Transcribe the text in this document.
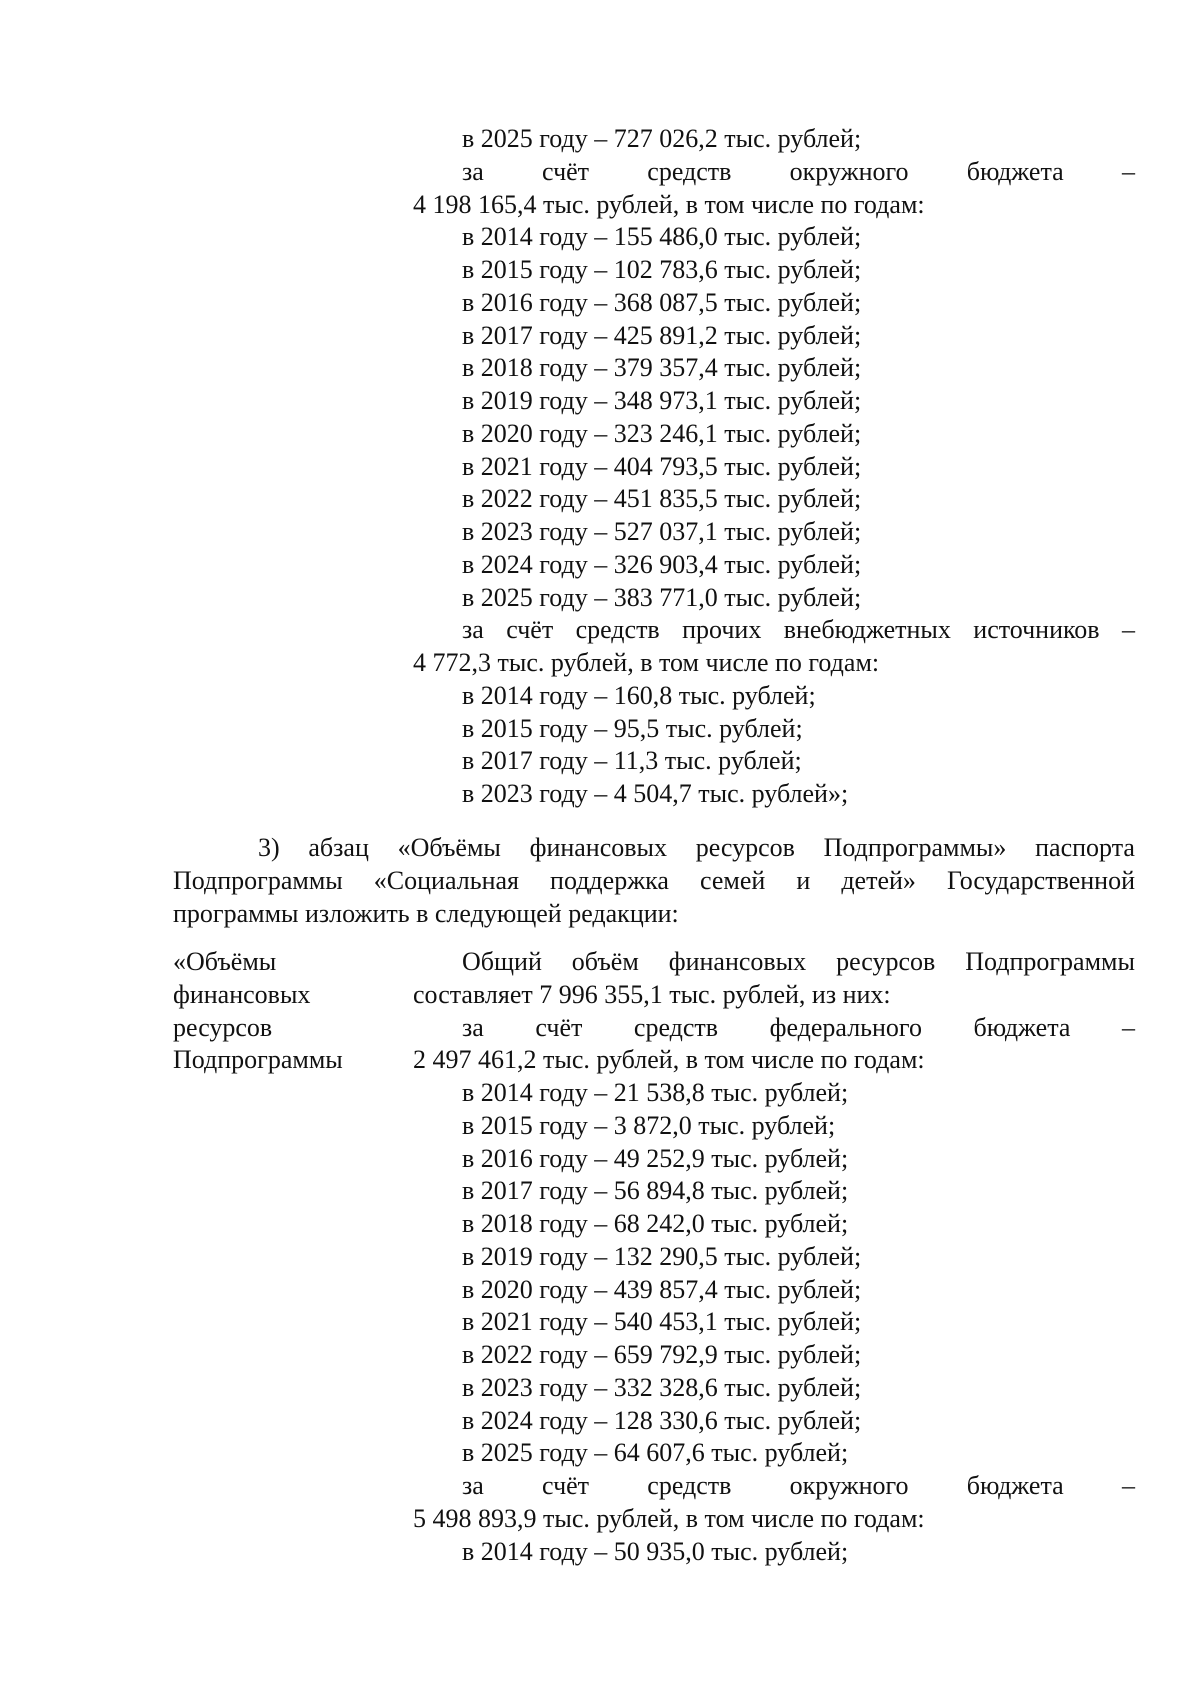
в 2025 году – 727 026,2 тыс. рублей;
за счёт средств окружного бюджета –
4 198 165,4 тыс. рублей, в том числе по годам:
в 2014 году – 155 486,0 тыс. рублей;
в 2015 году – 102 783,6 тыс. рублей;
в 2016 году – 368 087,5 тыс. рублей;
в 2017 году – 425 891,2 тыс. рублей;
в 2018 году – 379 357,4 тыс. рублей;
в 2019 году – 348 973,1 тыс. рублей;
в 2020 году – 323 246,1 тыс. рублей;
в 2021 году – 404 793,5 тыс. рублей;
в 2022 году – 451 835,5 тыс. рублей;
в 2023 году – 527 037,1 тыс. рублей;
в 2024 году – 326 903,4 тыс. рублей;
в 2025 году – 383 771,0 тыс. рублей;
за счёт средств прочих внебюджетных источников –
4 772,3 тыс. рублей, в том числе по годам:
в 2014 году – 160,8 тыс. рублей;
в 2015 году – 95,5 тыс. рублей;
в 2017 году – 11,3 тыс. рублей;
в 2023 году – 4 504,7 тыс. рублей»;
3) абзац «Объёмы финансовых ресурсов Подпрограммы» паспорта
Подпрограммы «Социальная поддержка семей и детей» Государственной
программы изложить в следующей редакции:
«Объёмы
финансовых
ресурсов
Подпрограммы
Общий объём финансовых ресурсов Подпрограммы
составляет 7 996 355,1 тыс. рублей, из них:
за счёт средств федерального бюджета –
2 497 461,2 тыс. рублей, в том числе по годам:
в 2014 году – 21 538,8 тыс. рублей;
в 2015 году – 3 872,0 тыс. рублей;
в 2016 году – 49 252,9 тыс. рублей;
в 2017 году – 56 894,8 тыс. рублей;
в 2018 году – 68 242,0 тыс. рублей;
в 2019 году – 132 290,5 тыс. рублей;
в 2020 году – 439 857,4 тыс. рублей;
в 2021 году – 540 453,1 тыс. рублей;
в 2022 году – 659 792,9 тыс. рублей;
в 2023 году – 332 328,6 тыс. рублей;
в 2024 году – 128 330,6 тыс. рублей;
в 2025 году – 64 607,6 тыс. рублей;
за счёт средств окружного бюджета –
5 498 893,9 тыс. рублей, в том числе по годам:
в 2014 году – 50 935,0 тыс. рублей;
